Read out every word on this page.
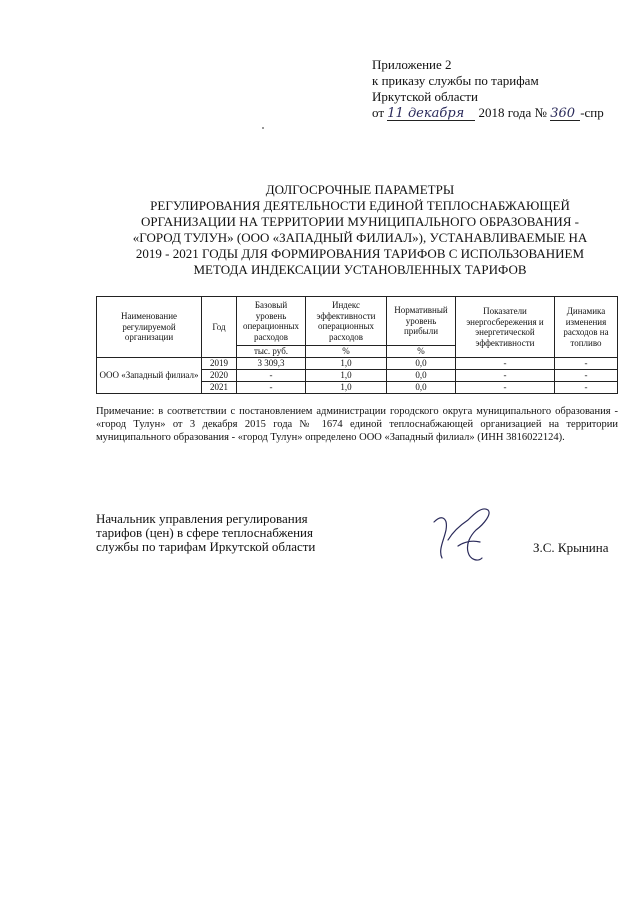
Приложение 2
к приказу службы по тарифам
Иркутской области
от 11 декабря 2018 года № 360 -спр
ДОЛГОСРОЧНЫЕ ПАРАМЕТРЫ
РЕГУЛИРОВАНИЯ ДЕЯТЕЛЬНОСТИ ЕДИНОЙ ТЕПЛОСНАБЖАЮЩЕЙ
ОРГАНИЗАЦИИ НА ТЕРРИТОРИИ МУНИЦИПАЛЬНОГО ОБРАЗОВАНИЯ -
«ГОРОД ТУЛУН» (ООО «ЗАПАДНЫЙ ФИЛИАЛ»), УСТАНАВЛИВАЕМЫЕ НА
2019 - 2021 ГОДЫ ДЛЯ ФОРМИРОВАНИЯ ТАРИФОВ С ИСПОЛЬЗОВАНИЕМ
МЕТОДА ИНДЕКСАЦИИ УСТАНОВЛЕННЫХ ТАРИФОВ
Наименование регулируемой организации	Год	Базовый уровень операционных расходов	Индекс эффективности операционных расходов	Нормативный уровень прибыли	Показатели энергосбережения и энергетической эффективности	Динамика изменения расходов на топливо
		тыс. руб.	%	%		
ООО «Западный филиал»	2019	3 309,3	1,0	0,0	-	-
	2020	-	1,0	0,0	-	-
	2021	-	1,0	0,0	-	-
Примечание: в соответствии с постановлением администрации городского округа муниципального образования - «город Тулун» от 3 декабря 2015 года № 1674 единой теплоснабжающей организацией на территории муниципального образования - «город Тулун» определено ООО «Западный филиал» (ИНН 3816022124).
Начальник управления регулирования
тарифов (цен) в сфере теплоснабжения
службы по тарифам Иркутской области	З.С. Крынина
